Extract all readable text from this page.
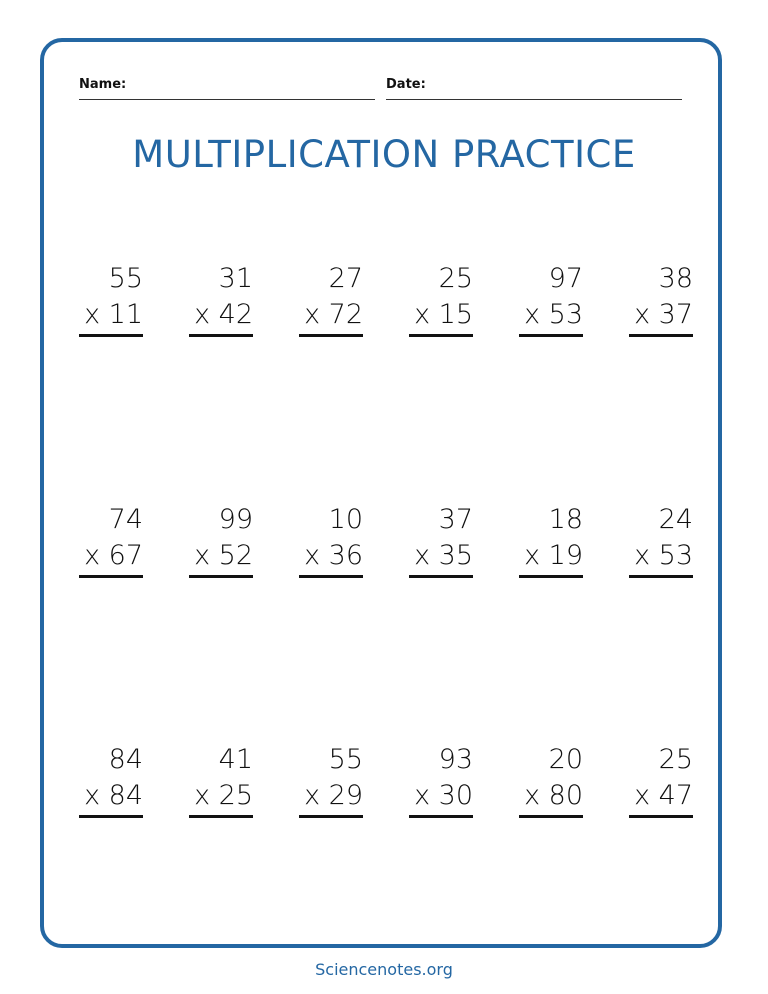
Name:	Date:
MULTIPLICATION PRACTICE
55
x 11
31
x 42
27
x 72
25
x 15
97
x 53
38
x 37
74
x 67
99
x 52
10
x 36
37
x 35
18
x 19
24
x 53
84
x 84
41
x 25
55
x 29
93
x 30
20
x 80
25
x 47
Sciencenotes.org
